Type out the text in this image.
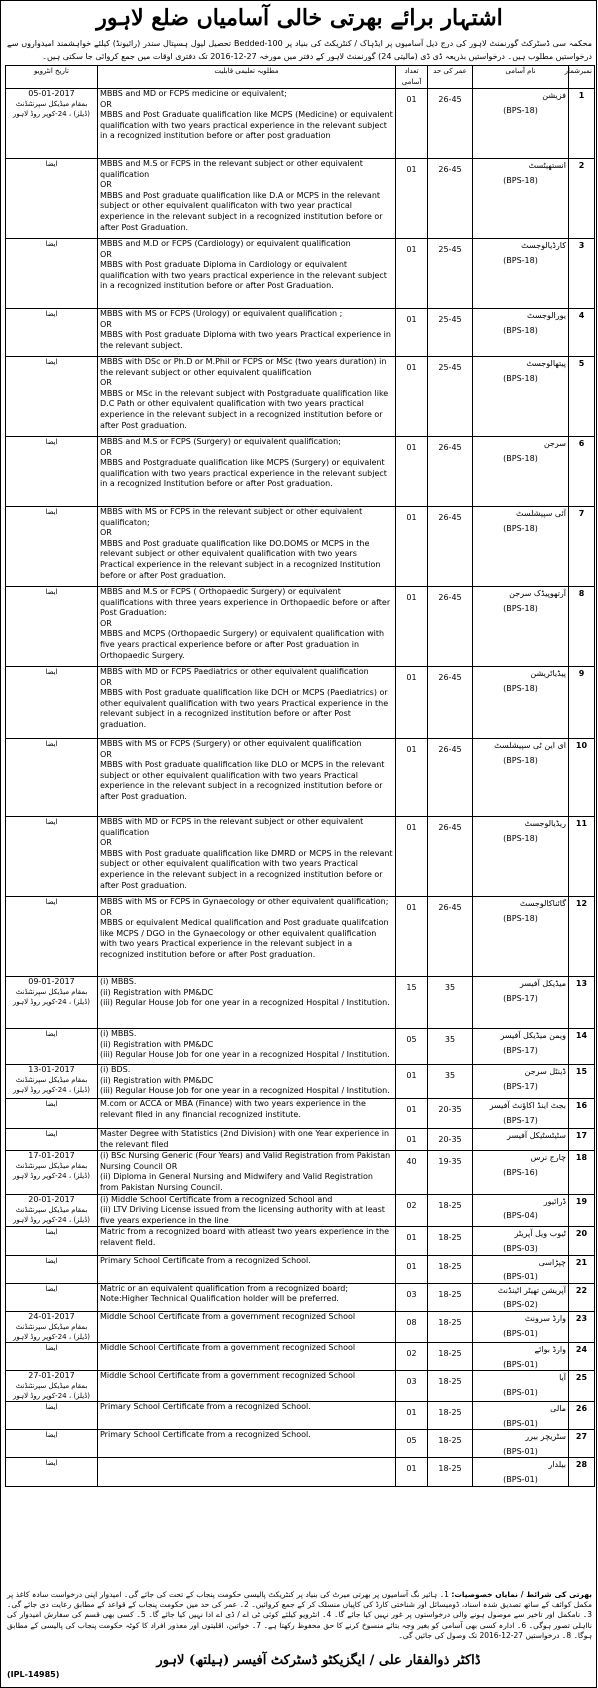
اشتہار برائے بھرتی خالی آسامیاں ضلع لاہور
محکمہ سی ڈسٹرکٹ گورنمنٹ لاہور کی درج ذیل آسامیوں پر ایڈہاک / کنٹریکٹ کی بنیاد پر 100-Bedded تحصیل لیول ہسپتال سندر (رائیونڈ) کیلئے خواہشمند امیدواروں سے درخواستیں مطلوب ہیں۔ درخواستیں بذریعہ ڈی ڈی (مالیتی 24) گورنمنٹ لاہور کے دفتر میں مورخہ 27-12-2016 تک دفتری اوقات میں جمع کروائی جا سکتی ہیں۔
تاریخ انٹرویو	مطلوبہ تعلیمی قابلیت	تعداد آسامی	عمر کی حد	نام آسامی	نمبرشمار

05-01-2017
بمقام میڈیکل سپرنٹنڈنٹ (ڈیلز) ، 24-کوپر روڈ لاہور	MBBS and MD or FCPS medicine or equivalent;
OR
MBBS and Post Graduate qualification like MCPS (Medicine) or equivalent qualification with two years practical experience in the relevant subject in a recognized institution before or after post graduation	01	26-45	فزیشن
(BPS-18)	1

ایضا	MBBS and M.S or FCPS in the relevant subject or other equivalent qualification
OR
MBBS and Post graduate qualification like D.A or MCPS in the relevant subject or other equivalent qualificaton with two year practical experience in the relevant subject in a recognized institution before or after Post Graduation.	01	26-45	انستھیٹسٹ
(BPS-18)	2

ایضا	MBBS and M.D or FCPS (Cardiology) or equivalent qualification
OR
MBBS with Post graduate Diploma in Cardiology or equivalent qualification with two years practical experience in the relevant subject in a recognized institution before or after Post Graduation.	01	25-45	کارڈیالوجسٹ
(BPS-18)	3

ایضا	MBBS with MS or FCPS (Urology) or equivalent qualification ;
OR
MBBS with Post graduate Diploma with two years Practical experience in the relevant subject.	01	25-45	یورالوجسٹ
(BPS-18)	4

ایضا	MBBS with DSc or Ph.D or M.Phil or FCPS or MSc (two years duration) in the relevant subject or other equivalent qualification
OR
MBBS or MSc in the relevant subject with Postgraduate qualification like D.C Path or other equivalent qualification with two years practical experience in the relevant subject in a recognized institution before or after Post graduation.	01	25-45	پیتھالوجسٹ
(BPS-18)	5

ایضا	MBBS and M.S or FCPS (Surgery) or equivalent qualification;
OR
MBBS and Postgraduate qualification like MCPS (Surgery) or equivalent qualification with two years practical experience in the relevant subject in a recognized Institution before or after Post graduation.	01	26-45	سرجن
(BPS-18)	6

ایضا	MBBS with MS or FCPS in the relevant subject or other equivalent qualificaton;
OR
MBBS and Post graduate qualification like DO.DOMS or MCPS in the relevant subject or other equivalent qualification with two years Practical experience in the relevant subject in a recognized Institution before or after Post graduation.	01	26-45	آئی سپیشلسٹ
(BPS-18)	7

ایضا	MBBS and M.S or FCPS ( Orthopaedic Surgery) or equivalent qualifications with three years experience in Orthopaedic before or after Post Graduation:
OR
MBBS and MCPS (Orthopaedic Surgery) or equivalent qualification with five years practical experience before or after Post graduation in Orthopaedic Surgery.	01	26-45	آرتھوپیڈک سرجن
(BPS-18)	8

ایضا	MBBS with MD or FCPS Paediatrics or other equivalent qualification
OR
MBBS with Post graduate qualification like DCH or MCPS (Paediatrics) or other equivalent qualification with two years Practical experience in the relevant subject in a recognized institution before or after Post graduation.	01	26-45	پیڈیاٹریشن
(BPS-18)	9

ایضا	MBBS with MS or FCPS (Surgery) or other equivalent qualification
OR
MBBS with Post graduate qualification like DLO or MCPS in the relevant subject or other equivalent qualification with two years Practical experience in the relevant subject in a recognized institution before or after Post graduation.	01	26-45	ای این ٹی سپیشلسٹ
(BPS-18)	10

ایضا	MBBS with MD or FCPS in the relevant subject or other equivalent qualification
OR
MBBS with Post graduate qualification like DMRD or MCPS in the relevant subject or other equivalent qualification with two years Practical experience in the relevant subject in a recognized institution before or after Post graduation.	01	26-45	ریڈیالوجسٹ
(BPS-18)	11

ایضا	MBBS with MS or FCPS in Gynaecology or other equivalent qualification;
OR
MBBS or equivalent Medical qualification and Post graduate qualifcation like MCPS / DGO in the Gynaecology or other equivalent qualification with two years Practical experience in the relevant subject in a recognized institution before or after Post graduation.	01	26-45	گائناکالوجسٹ
(BPS-18)	12

09-01-2017
بمقام میڈیکل سپرنٹنڈنٹ (ڈیلز) ، 24-کوپر روڈ لاہور	(i) MBBS.
(ii) Registration with PM&DC
(iii) Regular House Job for one year in a recognized Hospital / Institution.	15	35	میڈیکل آفیسر
(BPS-17)	13

ایضا	(i) MBBS.
(ii) Registration with PM&DC
(iii) Regular House Job for one year in a recognized Hospital / Institution.	05	35	ویمن میڈیکل آفیسر
(BPS-17)	14

13-01-2017
بمقام میڈیکل سپرنٹنڈنٹ (ڈیلز) ، 24-کوپر روڈ لاہور	(i) BDS.
(ii) Registration with PM&DC
(iii) Regular House Job for one year in a recognized Hospital / Institution.	01	35	ڈینٹل سرجن
(BPS-17)	15

ایضا	M.com or ACCA or MBA (Finance) with two years experience in the relevant filed in any financial recognized institute.	01	20-35	بجٹ اینڈ اکاؤنٹ آفیسر
(BPS-17)	16

ایضا	Master Degree with Statistics (2nd Division) with one Year experience in the relevant filed	01	20-35	سٹیٹسٹیکل آفیسر	17

17-01-2017
بمقام میڈیکل سپرنٹنڈنٹ (ڈیلز) ، 24-کوپر روڈ لاہور	(i) BSc Nursing Generic (Four Years) and Valid Registration from Pakistan Nursing Council OR
(ii) Diploma in General Nursing and Midwifery and Valid Registration from Pakistan Nursing Council.	40	19-35	چارج نرس
(BPS-16)	18

20-01-2017
بمقام میڈیکل سپرنٹنڈنٹ (ڈیلز) ، 24-کوپر روڈ لاہور	(i) Middle School Certificate from a recognized School and
(ii) LTV Driving License issued from the licensing authority with at least five years experience in the line	02	18-25	ڈرائیور
(BPS-04)	19

ایضا	Matric from a recognized board with atleast two years experience in the relavent field.	01	18-25	ٹیوب ویل آپریٹر
(BPS-03)	20

ایضا	Primary School Certificate from a recognized School.	01	18-25	چپڑاسی
(BPS-01)	21

ایضا	Matric or an equivalent qualification from a recognized board; Note:Higher Technical Qualification holder will be preferred.	03	18-25	آپریشن تھیٹر اٹینڈنٹ
(BPS-02)	22

24-01-2017
بمقام میڈیکل سپرنٹنڈنٹ (ڈیلز) ، 24-کوپر روڈ لاہور	Middle School Certificate from a government recognized School	08	18-25	وارڈ سرونٹ
(BPS-01)	23

ایضا	Middle School Certificate from a government recognized School	02	18-25	وارڈ بوائے
(BPS-01)	24

27-01-2017
بمقام میڈیکل سپرنٹنڈنٹ (ڈیلز) ، 24-کوپر روڈ لاہور	Middle School Certificate from a government recognized School	03	18-25	آیا
(BPS-01)	25

ایضا	Primary School Certificate from a recognized School.	01	18-25	مالی
(BPS-01)	26

ایضا	Primary School Certificate from a recognized School.	05	18-25	سٹریچر بیرر
(BPS-01)	27

ایضا		01	18-25	بیلدار
(BPS-01)	28
بھرتی کی شرائط / نمایاں خصوصیات: 1۔ ہائیر نگ آسامیوں پر بھرتی میرٹ کی بنیاد پر کنٹریکٹ پالیسی حکومت پنجاب کے تحت کی جائے گی۔ امیدوار اپنی درخواست سادہ کاغذ پر مکمل کوائف کے ساتھ تصدیق شدہ اسناد، ڈومیسائل اور شناختی کارڈ کی کاپیاں منسلک کر کے جمع کروائیں۔ 2۔ عمر کی حد میں حکومت پنجاب کے قواعد کے مطابق رعایت دی جائے گی۔ 3۔ نامکمل اور تاخیر سے موصول ہونے والی درخواستوں پر غور نہیں کیا جائے گا۔ 4۔ انٹرویو کیلئے کوئی ٹی اے / ڈی اے ادا نہیں کیا جائے گا۔ 5۔ کسی بھی قسم کی سفارش امیدوار کی نااہلی تصور ہوگی۔ 6۔ ادارہ کسی بھی آسامی کو بغیر وجہ بتائے منسوخ کرنے کا حق محفوظ رکھتا ہے۔ 7۔ خواتین، اقلیتوں اور معذور افراد کا کوٹہ حکومت پنجاب کی پالیسی کے مطابق ہوگا۔ 8۔ درخواستیں 27-12-2016 تک وصول کی جائیں گی۔
ڈاکٹر ذوالفقار علی / ایگزیکٹو ڈسٹرکٹ آفیسر (ہیلتھ) لاہور
(IPL-14985)
